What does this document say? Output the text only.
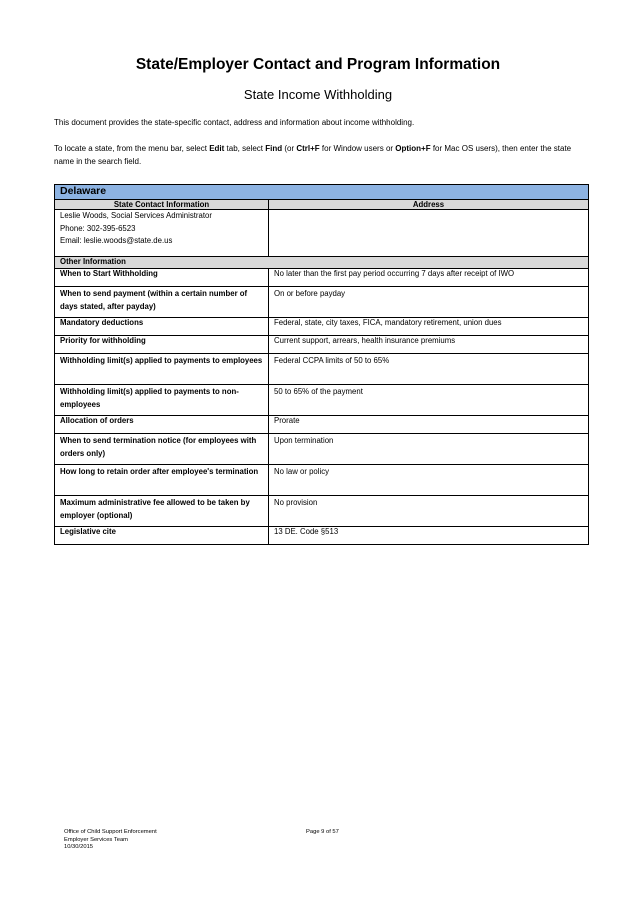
State/Employer Contact and Program Information
State Income Withholding
This document provides the state-specific contact, address and information about income withholding.
To locate a state, from the menu bar, select Edit tab, select Find (or Ctrl+F for Window users or Option+F for Mac OS users), then enter the state name in the search field.
Delaware	
State Contact Information	Address

Leslie Woods, Social Services Administrator
Phone: 302-395-6523
Email: leslie.woods@state.de.us	

Other Information	
When to Start Withholding	No later than the first pay period occurring 7 days after receipt of IWO
When to send payment (within a certain number of days stated, after payday)	On or before payday
Mandatory deductions	Federal, state, city taxes, FICA, mandatory retirement, union dues
Priority for withholding	Current support, arrears, health insurance premiums
Withholding limit(s) applied to payments to employees	Federal CCPA limits of 50 to 65%
Withholding limit(s) applied to payments to non-employees	50 to 65% of the payment
Allocation of orders	Prorate
When to send termination notice (for employees with orders only)	Upon termination
How long to retain order after employee's termination	No law or policy
Maximum administrative fee allowed to be taken by employer (optional)	No provision
Legislative cite	13 DE. Code §513
Office of Child Support Enforcement
Employer Services Team
10/30/2015
Page 9 of 57
